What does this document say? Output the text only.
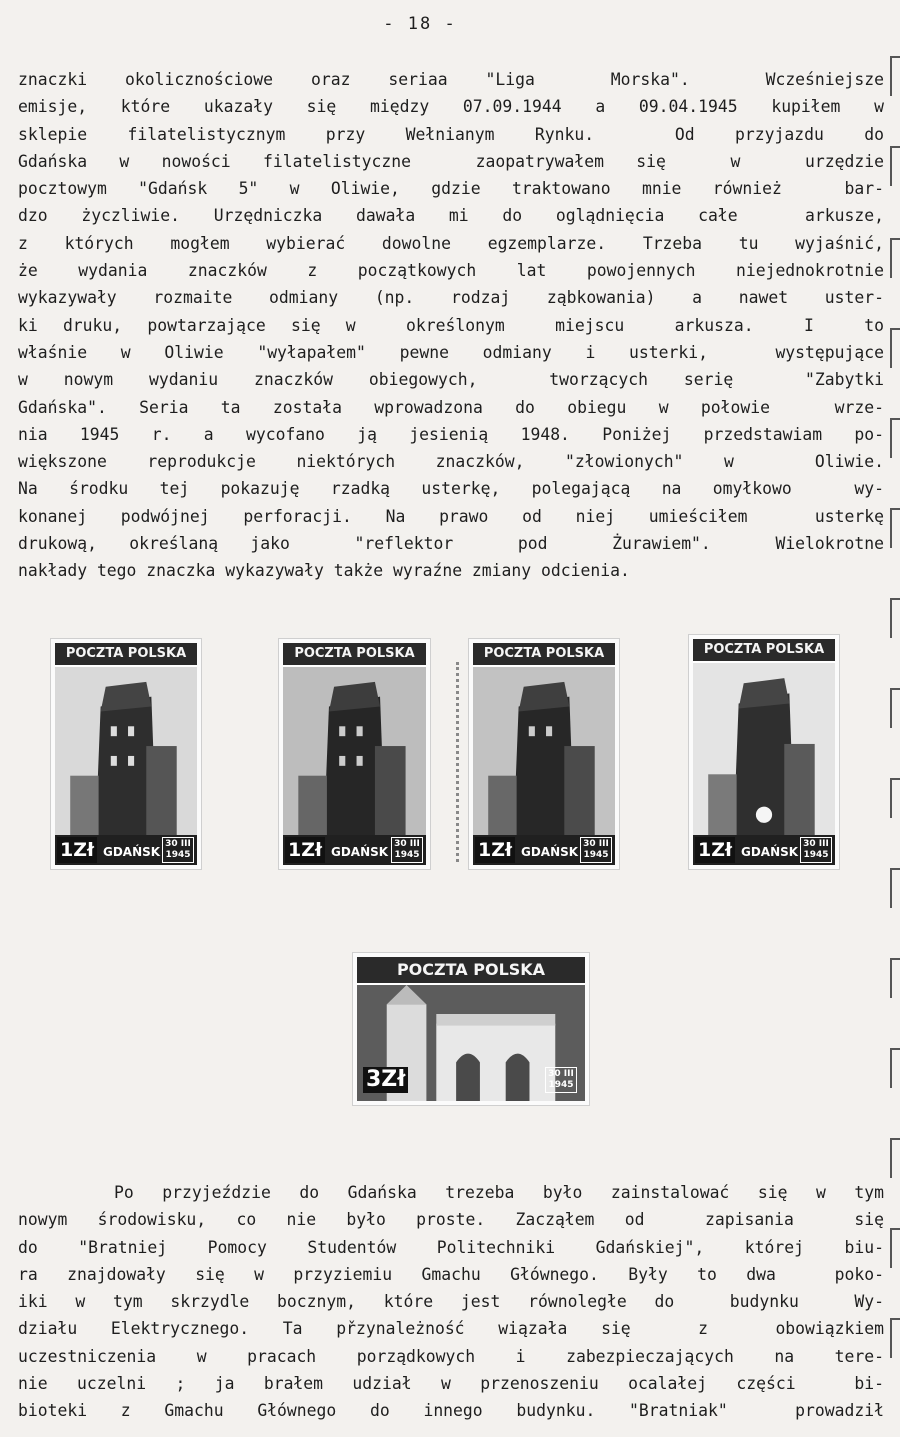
- 18 -
znaczki okolicznościowe oraz seriaa "Liga  Morska".  Wcześniejsze
emisje, które ukazały się między 07.09.1944 a 09.04.1945 kupiłem w
sklepie filatelistycznym przy Wełnianym Rynku.  Od przyjazdu do
Gdańska w nowości filatelistyczne  zaopatrywałem się  w  urzędzie
pocztowym "Gdańsk 5" w Oliwie, gdzie traktowano mnie również  bar-
dzo życzliwie. Urzędniczka dawała mi do oglądnięcia całe  arkusze,
z których mogłem wybierać dowolne egzemplarze. Trzeba tu wyjaśnić,
że wydania znaczków z początkowych lat powojennych niejednokrotnie
wykazywały rozmaite odmiany (np. rodzaj ząbkowania) a nawet uster-
ki druku, powtarzające się w  określonym  miejscu  arkusza.  I  to
właśnie w Oliwie "wyłapałem" pewne odmiany i usterki,  występujące
w nowym wydaniu znaczków obiegowych,  tworzących serię  "Zabytki
Gdańska". Seria ta została wprowadzona do obiegu w połowie  wrze-
nia 1945 r. a wycofano ją jesienią 1948. Poniżej przedstawiam po-
większone reprodukcje niektórych znaczków, "złowionych" w  Oliwie.
Na środku tej pokazuję rzadką usterkę, polegającą na omyłkowo  wy-
konanej podwójnej perforacji. Na prawo od niej umieściłem  usterkę
drukową, określaną jako  "reflektor  pod  Żurawiem".  Wielokrotne
nakłady tego znaczka wykazywały także wyraźne zmiany odcienia.
POCZTA POLSKA
1Zł GDAŃSK
30 III
1945
POCZTA POLSKA
1Zł GDAŃSK
30 III
1945
POCZTA POLSKA
1Zł GDAŃSK
30 III
1945
POCZTA POLSKA
1Zł GDAŃSK
30 III
1945
POCZTA POLSKA
3Zł	30 III
1945
Po przyjeździe do Gdańska trezeba było zainstalować się w tym
nowym środowisku, co nie było proste. Zacząłem od  zapisania  się
do "Bratniej Pomocy Studentów Politechniki Gdańskiej", której biu-
ra znajdowały się w przyziemiu Gmachu Głównego. Były to dwa  poko-
iki w tym skrzydle bocznym, które jest równoległe do  budynku  Wy-
działu Elektrycznego. Ta přzynależność wiązała się  z  obowiązkiem
uczestniczenia w pracach porządkowych i zabezpieczających na tere-
nie uczelni ; ja brałem udział w przenoszeniu ocalałej części  bi-
bioteki z Gmachu Głównego do innego budynku. "Bratniak"  prowadził
